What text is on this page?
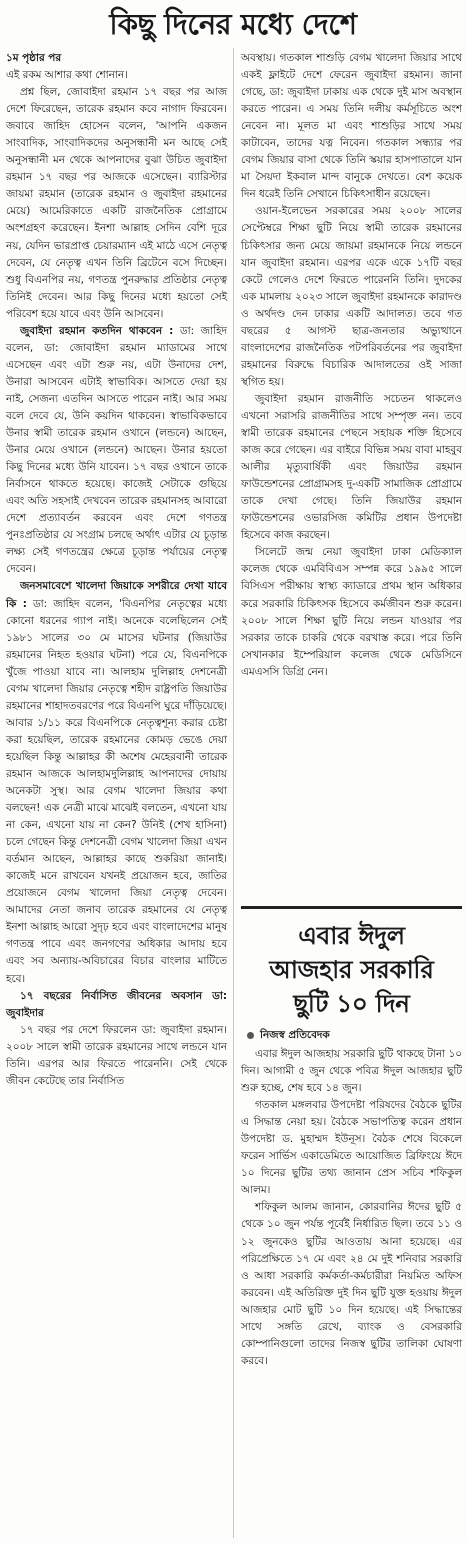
কিছু দিনের মধ্যে দেশে

১ম পৃষ্ঠার পর

এই রকম আশার কথা শোনান।

প্রশ্ন ছিল, জোবাইদা রহমান ১৭ বছর পর আজ দেশে ফিরেছেন, তারেক রহমান কবে নাগাদ ফিরবেন। জবাবে জাহিদ হোসেন বলেন, 'আপনি একজন সাংবাদিক, সাংবাদিকদের অনুসন্ধানী মন আছে সেই অনুসন্ধানী মন থেকে আপনাদের বুঝা উচিত জুবাইদা রহমান ১৭ বছর পর আজকে এসেছেন। ব্যারিস্টার জায়মা রহমান (তারেক রহমান ও জুবাইদা রহমানের মেয়ে) আমেরিকাতে একটি রাজনৈতিক প্রোগ্রামে অংশগ্রহণ করেছেন। ইনশা আল্লাহ সেদিন বেশি দূরে নয়, যেদিন ভারপ্রাপ্ত চেয়ারম্যান এই মাঠে এসে নেতৃত্ব দেবেন, যে নেতৃত্ব এখন তিনি ব্রিটেনে বসে দিচ্ছেন। শুধু বিএনপির নয়, গণতন্ত্র পুনরুদ্ধার প্রতিষ্ঠার নেতৃত্ব তিনিই দেবেন। আর কিছু দিনের মধ্যে হয়তো সেই পরিবেশ হয়ে যাবে এবং উনি আসবেন।

জুবাইদা রহমান কতদিন থাকবেন : ডা: জাহিদ বলেন, ডা: জোবাইদা রহমান ম্যাডামের সাথে এসেছেন এবং এটা শুরু নয়, এটা উনাদের দেশ, উনারা আসবেন এটাই স্বাভাবিক। আসতে দেয়া হয় নাই, সেজন্য এতদিন আসতে পারেন নাই। আর সময় বলে দেবে যে, উনি কয়দিন থাকবেন। স্বাভাবিকভাবে উনার স্বামী তারেক রহমান ওখানে (লন্ডনে) আছেন, উনার মেয়ে ওখানে (লন্ডনে) আছেন। উনার হয়তো কিছু দিনের মধ্যে উনি যাবেন। ১৭ বছর ওখানে তাকে নির্বাসনে থাকতে হয়েছে। কাজেই সেটাকে গুছিয়ে এবং অতি সহসাই দেখবেন তারেক রহমানসহ আবারো দেশে প্রত্যাবর্তন করবেন এবং দেশে গণতন্ত্র পুনঃপ্রতিষ্ঠার যে সংগ্রাম চলছে অর্থাৎ এটার যে চূড়ান্ত লক্ষ্য সেই গণতন্ত্রের ক্ষেত্রে চূড়ান্ত পর্যায়ের নেতৃত্ব দেবেন।

জনসমাবেশে খালেদা জিয়াকে সশরীরে দেখা যাবে কি : ডা: জাহিদ বলেন, 'বিএনপির নেতৃত্বের মধ্যে কোনো ধরনের গ্যাপ নাই। অনেকে বলেছিলেন সেই ১৯৮১ সালের ৩০ মে মাসের ঘটনার (জিয়াউর রহমানের নিহত হওয়ার ঘটনা) পরে যে, বিএনপিকে খুঁজে পাওয়া যাবে না। আলহাম দুলিল্লাহ দেশনেত্রী বেগম খালেদা জিয়ার নেতৃত্বে শহীদ রাষ্ট্রপতি জিয়াউর রহমানের শাহাদতবরণের পরে বিএনপি ঘুরে দাঁড়িয়েছে। আবার ১/১১ করে বিএনপিকে নেতৃত্বশূন্য করার চেষ্টা করা হয়েছিল, তারেক রহমানের কোমড় ভেঙে দেয়া হয়েছিল কিন্তু আল্লাহর কী অশেষ মেহেরবানী তারেক রহমান আজকে আলহামদুলিল্লাহ আপনাদের দোয়ায় অনেকটা সুস্থ। আর বেগম খালেদা জিয়ার কথা বলছেন! এক নেত্রী মাঝে মাঝেই বলতেন, এখনো যায় না কেন, এখনো যায় না কেন? উনিই (শেখ হাসিনা) চলে গেছেন কিন্তু দেশনেত্রী বেগম খালেদা জিয়া এখন বর্তমান আছেন, আল্লাহর কাছে শুকরিয়া জানাই। কাজেই মনে রাখবেন যখনই প্রয়োজন হবে, জাতির প্রয়োজনে বেগম খালেদা জিয়া নেতৃত্ব দেবেন। আমাদের নেতা জনাব তারেক রহমানের যে নেতৃত্ব ইনশা আল্লাহ আরো সুদৃঢ় হবে এবং বাংলাদেশের মানুষ গণতন্ত্র পাবে এবং জনগণের অধিকার আদায় হবে এবং সব অন্যায়-অবিচারের বিচার বাংলার মাটিতে হবে।

১৭ বছরের নির্বাসিত জীবনের অবসান ডা: জুবাইদার

১৭ বছর পর দেশে ফিরলেন ডা: জুবাইদা রহমান। ২০০৮ সালে স্বামী তারেক রহমানের সাথে লন্ডনে যান তিনি। এরপর আর ফিরতে পারেননি। সেই থেকে জীবন কেটেছে তার নির্বাসিত

অবস্থায়। গতকাল শাশুড়ি বেগম খালেদা জিয়ার সাথে একই ফ্লাইটে দেশে ফেরেন জুবাইদা রহমান। জানা গেছে, ডা: জুবাইদা ঢাকায় এক থেকে দুই মাস অবস্থান করতে পারেন। এ সময় তিনি দলীয় কর্মসূচিতে অংশ নেবেন না। মূলত মা এবং শাশুড়ির সাথে সময় কাটাবেন, তাদের যত্ন নিবেন। গতকাল সন্ধ্যার পর বেগম জিয়ার বাসা থেকে তিনি স্কয়ার হাসপাতালে যান মা সৈয়দা ইকবাল মান্দ বানুকে দেখতে। বেশ কয়েক দিন ধরেই তিনি সেখানে চিকিৎসাধীন রয়েছেন।

ওয়ান-ইলেভেন সরকারের সময় ২০০৮ সালের সেপ্টেম্বরে শিক্ষা ছুটি নিয়ে স্বামী তারেক রহমানের চিকিৎসার জন্য মেয়ে জায়মা রহমানকে নিয়ে লন্ডনে যান জুবাইদা রহমান। এরপর একে একে ১৭টি বছর কেটে গেলেও দেশে ফিরতে পারেননি তিনি। দুদকের এক মামলায় ২০২৩ সালে জুবাইদা রহমানকে কারাদণ্ড ও অর্থদণ্ড দেন ঢাকার একটি আদালত। তবে গত বছরের ৫ আগস্ট ছাত্র-জনতার অভ্যুত্থানে বাংলাদেশের রাজনৈতিক পটপরিবর্তনের পর জুবাইদা রহমানের বিরুদ্ধে বিচারিক আদালতের ওই সাজা স্থগিত হয়।

জুবাইদা রহমান রাজনীতি সচেতন থাকলেও এখনো সরাসরি রাজনীতির সাথে সম্পৃক্ত নন। তবে স্বামী তারেক রহমানের পেছনে সহায়ক শক্তি হিসেবে কাজ করে গেছেন। এর বাইরে বিভিন্ন সময় বাবা মাহবুব আলীর মৃত্যুবার্ষিকী এবং জিয়াউর রহমান ফাউন্ডেশনের প্রোগ্রামসহ দু-একটি সামাজিক প্রোগ্রামে তাকে দেখা গেছে। তিনি জিয়াউর রহমান ফাউন্ডেশনের ওভারসিজ কমিটির প্রধান উপদেষ্টা হিসেবে কাজ করছেন।

সিলেটে জন্ম নেয়া জুবাইদা ঢাকা মেডিক্যাল কলেজ থেকে এমবিবিএস সম্পন্ন করে ১৯৯৫ সালে বিসিএস পরীক্ষায় স্বাস্থ্য ক্যাডারে প্রথম স্থান অধিকার করে সরকারি চিকিৎসক হিসেবে কর্মজীবন শুরু করেন। ২০০৮ সালে শিক্ষা ছুটি নিয়ে লন্ডন যাওয়ার পর সরকার তাকে চাকরি থেকে বরখাস্ত করে। পরে তিনি সেখানকার ইম্পেরিয়াল কলেজ থেকে মেডিসিনে এমএসসি ডিগ্রি নেন।

এবার ঈদুল
আজহার সরকারি
ছুটি ১০ দিন
নিজস্ব প্রতিবেদক

এবার ঈদুল আজহায় সরকারি ছুটি থাকছে টানা ১০ দিন। আগামী ৫ জুন থেকে পবিত্র ঈদুল আজহার ছুটি শুরু হচ্ছে, শেষ হবে ১৪ জুন।

গতকাল মঙ্গলবার উপদেষ্টা পরিষদের বৈঠকে ছুটির এ সিদ্ধান্ত নেয়া হয়। বৈঠকে সভাপতিত্ব করেন প্রধান উপদেষ্টা ড. মুহাম্মদ ইউনূস। বৈঠক শেষে বিকেলে ফরেন সার্ভিস একাডেমিতে আয়োজিত ব্রিফিংয়ে ঈদে ১০ দিনের ছুটির তথ্য জানান প্রেস সচিব শফিকুল আলম।

শফিকুল আলম জানান, কোরবানির ঈদের ছুটি ৫ থেকে ১০ জুন পর্যন্ত পূর্বেই নির্ধারিত ছিল। তবে ১১ ও ১২ জুনকেও ছুটির আওতায় আনা হয়েছে। এর পরিপ্রেক্ষিতে ১৭ মে এবং ২৪ মে দুই শনিবার সরকারি ও আধা সরকারি কর্মকর্তা-কর্মচারীরা নিয়মিত অফিস করবেন। এই অতিরিক্ত দুই দিন ছুটি যুক্ত হওয়ায় ঈদুল আজহার মোট ছুটি ১০ দিন হয়েছে। এই সিদ্ধান্তের সাথে সঙ্গতি রেখে, ব্যাংক ও বেসরকারি কোম্পানিগুলো তাদের নিজস্ব ছুটির তালিকা ঘোষণা করবে।
